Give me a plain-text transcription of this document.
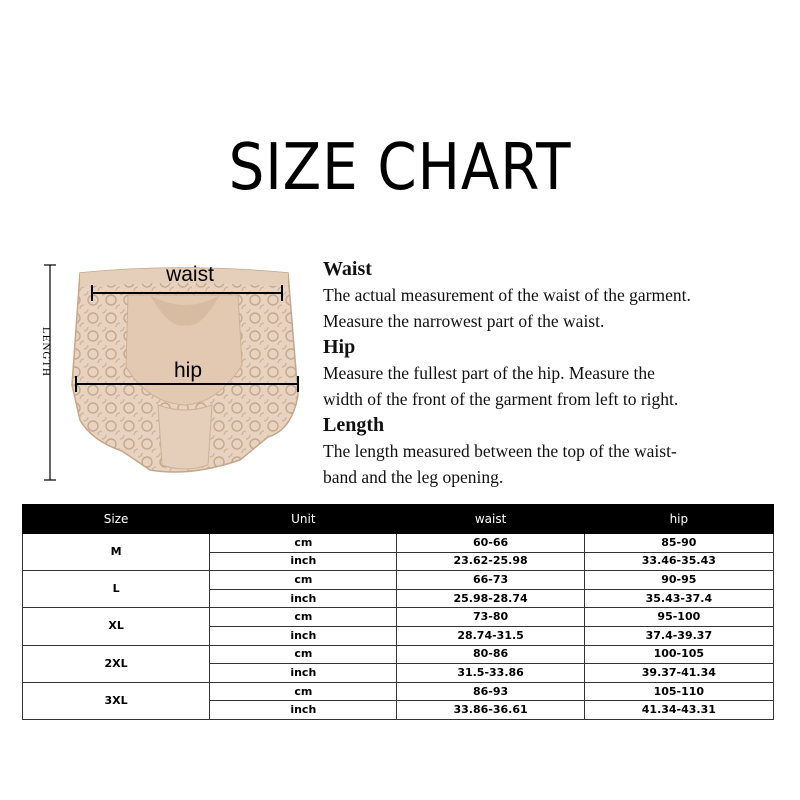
SIZE CHART
LENGTH
waist
hip

Waist

The actual measurement of the waist of the garment.

Measure the narrowest part of the waist.

Hip

Measure the fullest part of the hip. Measure the

width of the front of the garment from left to right.

Length

The length measured between the top of the waist-

band and the leg opening.

Size	Unit	waist	hip
M	cm	60-66	85-90
	inch	23.62-25.98	33.46-35.43
L	cm	66-73	90-95
	inch	25.98-28.74	35.43-37.4
XL	cm	73-80	95-100
	inch	28.74-31.5	37.4-39.37
2XL	cm	80-86	100-105
	inch	31.5-33.86	39.37-41.34
3XL	cm	86-93	105-110
	inch	33.86-36.61	41.34-43.31
